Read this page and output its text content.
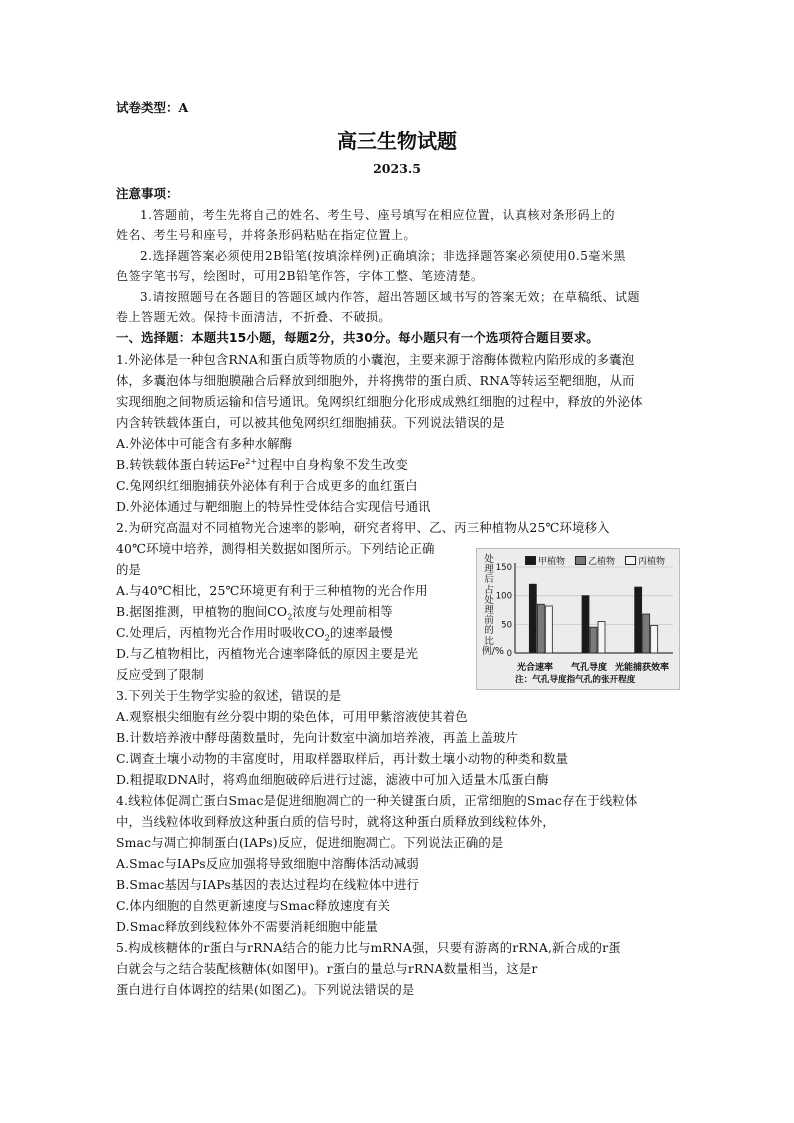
试卷类型：A
高三生物试题
2023.5
注意事项：
1.答题前，考生先将自己的姓名、考生号、座号填写在相应位置，认真核对条形码上的
姓名、考生号和座号，并将条形码粘贴在指定位置上。
2.选择题答案必须使用2B铅笔(按填涂样例)正确填涂；非选择题答案必须使用0.5毫米黑
色签字笔书写，绘图时，可用2B铅笔作答，字体工整、笔迹清楚。
3.请按照题号在各题目的答题区域内作答，超出答题区域书写的答案无效；在草稿纸、试题
卷上答题无效。保持卡面清洁，不折叠、不破损。
一、选择题：本题共15小题，每题2分，共30分。每小题只有一个选项符合题目要求。
1.外泌体是一种包含RNA和蛋白质等物质的小囊泡，主要来源于溶酶体微粒内陷形成的多囊泡
体，多囊泡体与细胞膜融合后释放到细胞外，并将携带的蛋白质、RNA等转运至靶细胞，从而
实现细胞之间物质运输和信号通讯。兔网织红细胞分化形成成熟红细胞的过程中，释放的外泌体
内含转铁载体蛋白，可以被其他兔网织红细胞捕获。下列说法错误的是
A.外泌体中可能含有多种水解酶
B.转铁载体蛋白转运$Fe^{2+}$过程中自身构象不发生改变
C.兔网织红细胞捕获外泌体有利于合成更多的血红蛋白
D.外泌体通过与靶细胞上的特异性受体结合实现信号通讯
2.为研究高温对不同植物光合速率的影响，研究者将甲、乙、丙三种植物从25℃环境移入
40℃环境中培养，测得相关数据如图所示。下列结论正确
的是
A.与40℃相比，25℃环境更有利于三种植物的光合作用
B.据图推测，甲植物的胞间$CO_2$浓度与处理前相等
C.处理后，丙植物光合作用时吸收$CO_2$的速率最慢
D.与乙植物相比，丙植物光合速率降低的原因主要是光
反应受到了限制
处理后占处理前的比例/%
甲植物	乙植物	丙植物
0
50
100
150
光合速率 气孔导度 光能捕获效率
注：气孔导度指气孔的张开程度
3.下列关于生物学实验的叙述，错误的是
A.观察根尖细胞有丝分裂中期的染色体，可用甲紫溶液使其着色
B.计数培养液中酵母菌数量时，先向计数室中滴加培养液，再盖上盖玻片
C.调查土壤小动物的丰富度时，用取样器取样后，再计数土壤小动物的种类和数量
D.粗提取DNA时，将鸡血细胞破碎后进行过滤，滤液中可加入适量木瓜蛋白酶
4.线粒体促凋亡蛋白Smac是促进细胞凋亡的一种关键蛋白质，正常细胞的Smac存在于线粒体
中，当线粒体收到释放这种蛋白质的信号时，就将这种蛋白质释放到线粒体外，
Smac与凋亡抑制蛋白(IAPs)反应，促进细胞凋亡。下列说法正确的是
A.Smac与IAPs反应加强将导致细胞中溶酶体活动减弱
B.Smac基因与IAPs基因的表达过程均在线粒体中进行
C.体内细胞的自然更新速度与Smac释放速度有关
D.Smac释放到线粒体外不需要消耗细胞中能量
5.构成核糖体的r蛋白与rRNA结合的能力比与mRNA强，只要有游离的rRNA,新合成的r蛋
白就会与之结合装配核糖体(如图甲)。r蛋白的量总与rRNA数量相当，这是r
蛋白进行自体调控的结果(如图乙)。下列说法错误的是
